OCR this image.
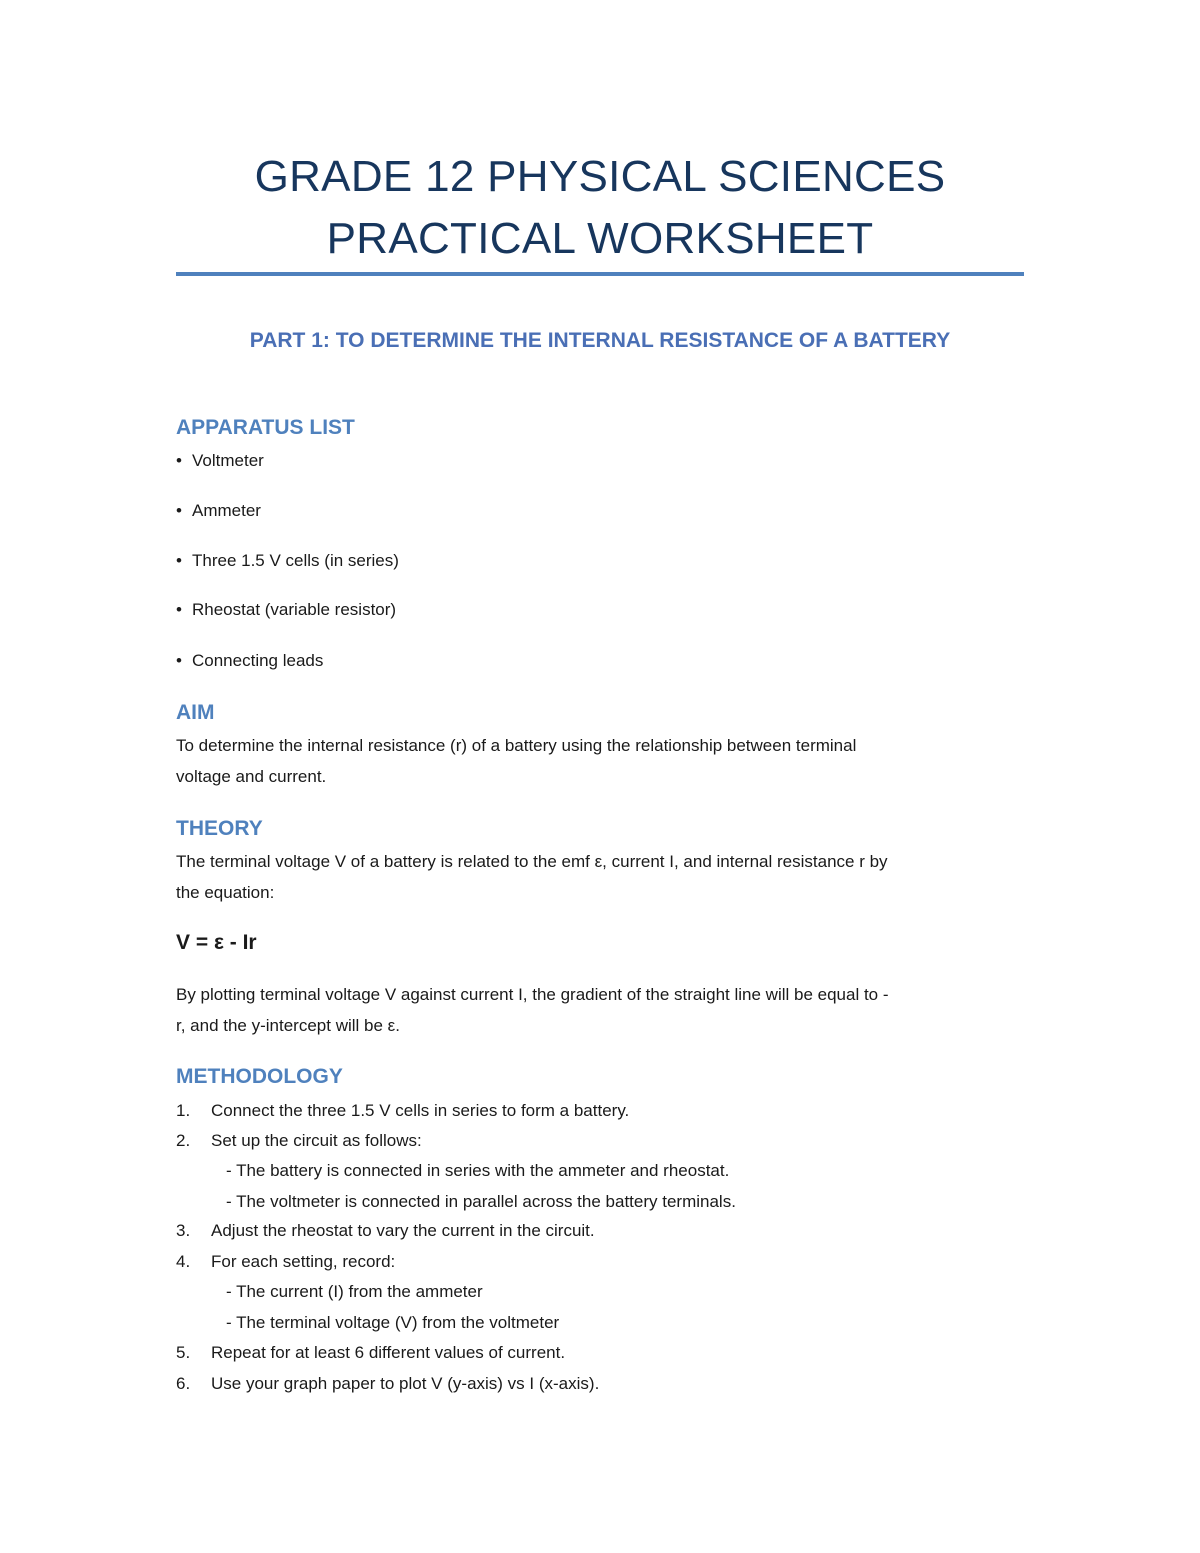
GRADE 12 PHYSICAL SCIENCES
PRACTICAL WORKSHEET
PART 1: TO DETERMINE THE INTERNAL RESISTANCE OF A BATTERY
APPARATUS LIST
• Voltmeter
• Ammeter
• Three 1.5 V cells (in series)
• Rheostat (variable resistor)
• Connecting leads
AIM
To determine the internal resistance (r) of a battery using the relationship between terminal
voltage and current.
THEORY
The terminal voltage V of a battery is related to the emf ε, current I, and internal resistance r by
the equation:
V = ε - Ir
By plotting terminal voltage V against current I, the gradient of the straight line will be equal to -
r, and the y-intercept will be ε.
METHODOLOGY
1. Connect the three 1.5 V cells in series to form a battery.
2. Set up the circuit as follows:
- The battery is connected in series with the ammeter and rheostat.
- The voltmeter is connected in parallel across the battery terminals.
3. Adjust the rheostat to vary the current in the circuit.
4. For each setting, record:
- The current (I) from the ammeter
- The terminal voltage (V) from the voltmeter
5. Repeat for at least 6 different values of current.
6. Use your graph paper to plot V (y-axis) vs I (x-axis).
